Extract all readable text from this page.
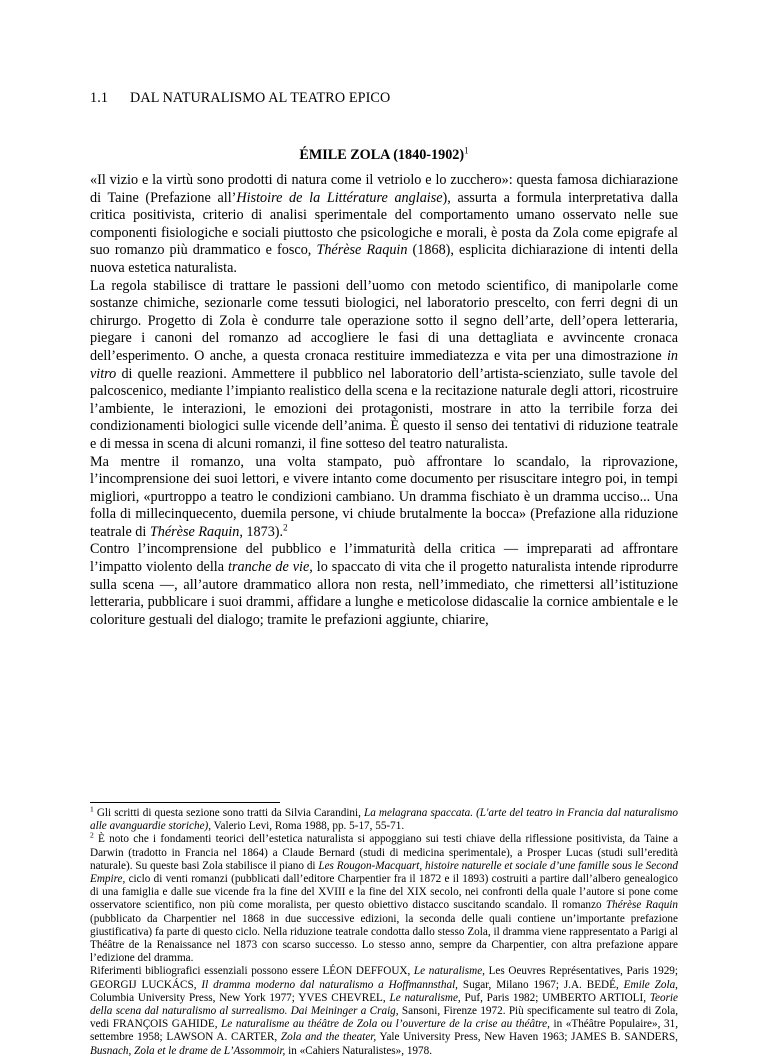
1.1 DAL NATURALISMO AL TEATRO EPICO
ÉMILE ZOLA (1840-1902)$^1$

«Il vizio e la virtù sono prodotti di natura come il vetriolo e lo zucchero»: questa famosa dichiarazione di Taine (Prefazione all’Histoire de la Littérature anglaise), assurta a formula interpretativa dalla critica positivista, criterio di analisi sperimentale del comportamento umano osservato nelle sue componenti fisiologiche e sociali piuttosto che psicologiche e morali, è posta da Zola come epigrafe al suo romanzo più drammatico e fosco, Thérèse Raquin (1868), esplicita dichiarazione di intenti della nuova estetica naturalista.

La regola stabilisce di trattare le passioni dell’uomo con metodo scientifico, di manipolarle come sostanze chimiche, sezionarle come tessuti biologici, nel laboratorio prescelto, con ferri degni di un chirurgo. Progetto di Zola è condurre tale operazione sotto il segno dell’arte, dell’opera letteraria, piegare i canoni del romanzo ad accogliere le fasi di una dettagliata e avvincente cronaca dell’esperimento. O anche, a questa cronaca restituire immediatezza e vita per una dimostrazione in vitro di quelle reazioni. Ammettere il pubblico nel laboratorio dell’artista-scienziato, sulle tavole del palcoscenico, mediante l’impianto realistico della scena e la recitazione naturale degli attori, ricostruire l’ambiente, le interazioni, le emozioni dei protagonisti, mostrare in atto la terribile forza dei condizionamenti biologici sulle vicende dell’anima. È questo il senso dei tentativi di riduzione teatrale e di messa in scena di alcuni romanzi, il fine sotteso del teatro naturalista.

Ma mentre il romanzo, una volta stampato, può affrontare lo scandalo, la riprovazione, l’incomprensione dei suoi lettori, e vivere intanto come documento per risuscitare integro poi, in tempi migliori, «purtroppo a teatro le condizioni cambiano. Un dramma fischiato è un dramma ucciso... Una folla di millecinquecento, duemila persone, vi chiude brutalmente la bocca» (Prefazione alla riduzione teatrale di Thérèse Raquin, 1873).$^2$

Contro l’incomprensione del pubblico e l’immaturità della critica — impreparati ad affrontare l’impatto violento della tranche de vie, lo spaccato di vita che il progetto naturalista intende riprodurre sulla scena —, all’autore drammatico allora non resta, nell’immediato, che rimettersi all’istituzione letteraria, pubblicare i suoi drammi, affidare a lunghe e meticolose didascalie la cornice ambientale e le coloriture gestuali del dialogo; tramite le prefazioni aggiunte, chiarire,

$^1$ Gli scritti di questa sezione sono tratti da Silvia Carandini, La melagrana spaccata. (L'arte del teatro in Francia dal naturalismo alle avanguardie storiche), Valerio Levi, Roma 1988, pp. 5-17, 55-71.

$^2$ È noto che i fondamenti teorici dell’estetica naturalista si appoggiano sui testi chiave della riflessione positivista, da Taine a Darwin (tradotto in Francia nel 1864) a Claude Bernard (studi di medicina sperimentale), a Prosper Lucas (studi sull’eredità naturale). Su queste basi Zola stabilisce il piano di Les Rougon-Macquart, histoire naturelle et sociale d’une famille sous le Second Empire, ciclo di venti romanzi (pubblicati dall’editore Charpentier fra il 1872 e il 1893) costruiti a partire dall’albero genealogico di una famiglia e dalle sue vicende fra la fine del XVIII e la fine del XIX secolo, nei confronti della quale l’autore si pone come osservatore scientifico, non più come moralista, per questo obiettivo distacco suscitando scandalo. Il romanzo Thérèse Raquin (pubblicato da Charpentier nel 1868 in due successive edizioni, la seconda delle quali contiene un’importante prefazione giustificativa) fa parte di questo ciclo. Nella riduzione teatrale condotta dallo stesso Zola, il dramma viene rappresentato a Parigi al Théâtre de la Renaissance nel 1873 con scarso successo. Lo stesso anno, sempre da Charpentier, con altra prefazione appare l’edizione del dramma.

Riferimenti bibliografici essenziali possono essere LÉON DEFFOUX, Le naturalisme, Les Oeuvres Représentatives, Paris 1929; GEORGIJ LUCKÁCS, Il dramma moderno dal naturalismo a Hoffmannsthal, Sugar, Milano 1967; J.A. BEDÉ, Emile Zola, Columbia University Press, New York 1977; YVES CHEVREL, Le naturalisme, Puf, Paris 1982; UMBERTO ARTIOLI, Teorie della scena dal naturalismo al surrealismo. Dai Meininger a Craig, Sansoni, Firenze 1972. Più specificamente sul teatro di Zola, vedi FRANÇOIS GAHIDE, Le naturalisme au théâtre de Zola ou l’ouverture de la crise au théâtre, in «Théâtre Populaire», 31, settembre 1958; LAWSON A. CARTER, Zola and the theater, Yale University Press, New Haven 1963; JAMES B. SANDERS, Busnach, Zola et le drame de L’Assommoir, in «Cahiers Naturalistes», 1978.
